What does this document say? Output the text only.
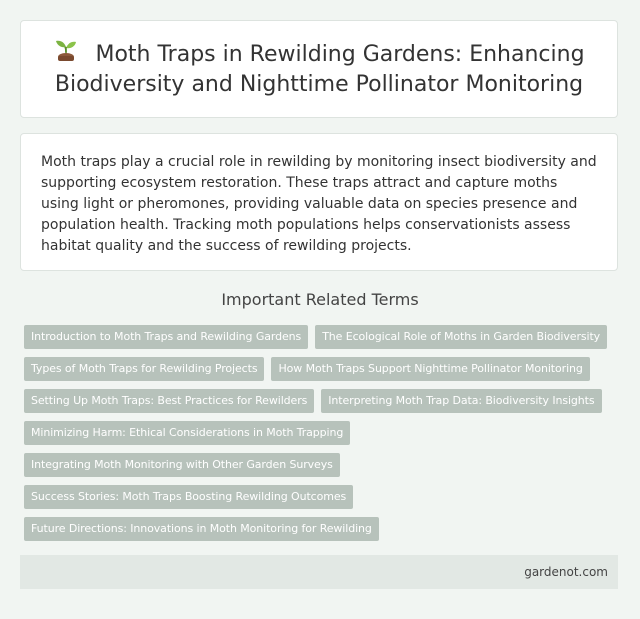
Moth Traps in Rewilding Gardens: Enhancing Biodiversity and Nighttime Pollinator Monitoring

Moth traps play a crucial role in rewilding by monitoring insect biodiversity and supporting ecosystem restoration. These traps attract and capture moths using light or pheromones, providing valuable data on species presence and population health. Tracking moth populations helps conservationists assess habitat quality and the success of rewilding projects.

Important Related Terms
Introduction to Moth Traps and Rewilding Gardens The Ecological Role of Moths in Garden Biodiversity
Types of Moth Traps for Rewilding Projects How Moth Traps Support Nighttime Pollinator Monitoring
Setting Up Moth Traps: Best Practices for Rewilders Interpreting Moth Trap Data: Biodiversity Insights
Minimizing Harm: Ethical Considerations in Moth Trapping
Integrating Moth Monitoring with Other Garden Surveys
Success Stories: Moth Traps Boosting Rewilding Outcomes
Future Directions: Innovations in Moth Monitoring for Rewilding
gardenot.com
